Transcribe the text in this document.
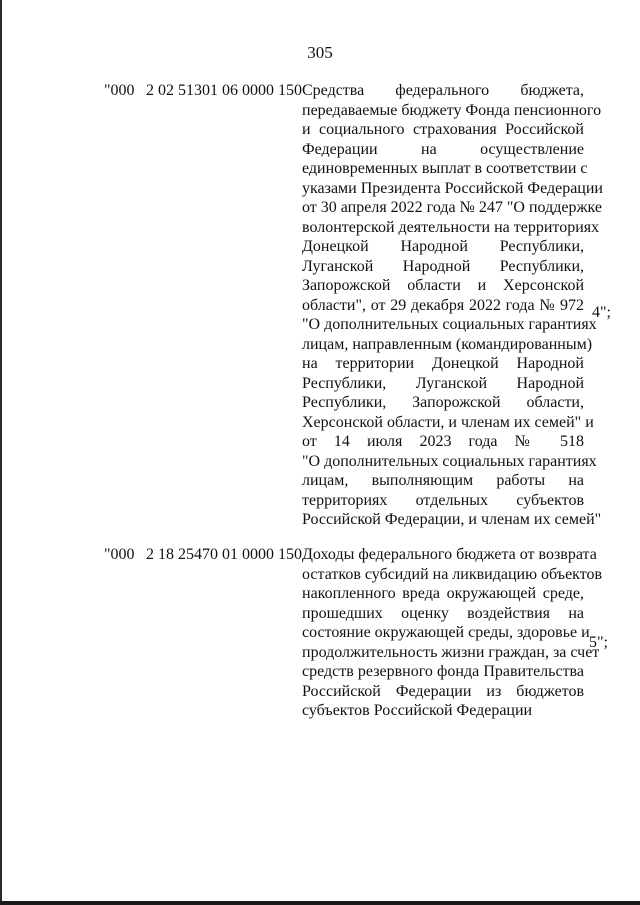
305
"000 2 02 51301 06 0000 150 Средства федерального бюджета,
передаваемые бюджету Фонда пенсионного
и социального страхования Российской
Федерации на осуществление
единовременных выплат в соответствии с
указами Президента Российской Федерации
от 30 апреля 2022 года № 247 "О поддержке
волонтерской деятельности на территориях
Донецкой Народной Республики,
Луганской Народной Республики,
Запорожской области и Херсонской
области", от 29 декабря 2022 года № 972
"О дополнительных социальных гарантиях
лицам, направленным (командированным)
на территории Донецкой Народной
Республики, Луганской Народной
Республики, Запорожской области,
Херсонской области, и членам их семей" и
от 14 июля 2023 года № 518
"О дополнительных социальных гарантиях
лицам, выполняющим работы на
территориях отдельных субъектов
Российской Федерации, и членам их семей"
4";
"000 2 18 25470 01 0000 150 Доходы федерального бюджета от возврата
остатков субсидий на ликвидацию объектов
накопленного вреда окружающей среде,
прошедших оценку воздействия на
состояние окружающей среды, здоровье и
продолжительность жизни граждан, за счет
средств резервного фонда Правительства
Российской Федерации из бюджетов
субъектов Российской Федерации
5";
